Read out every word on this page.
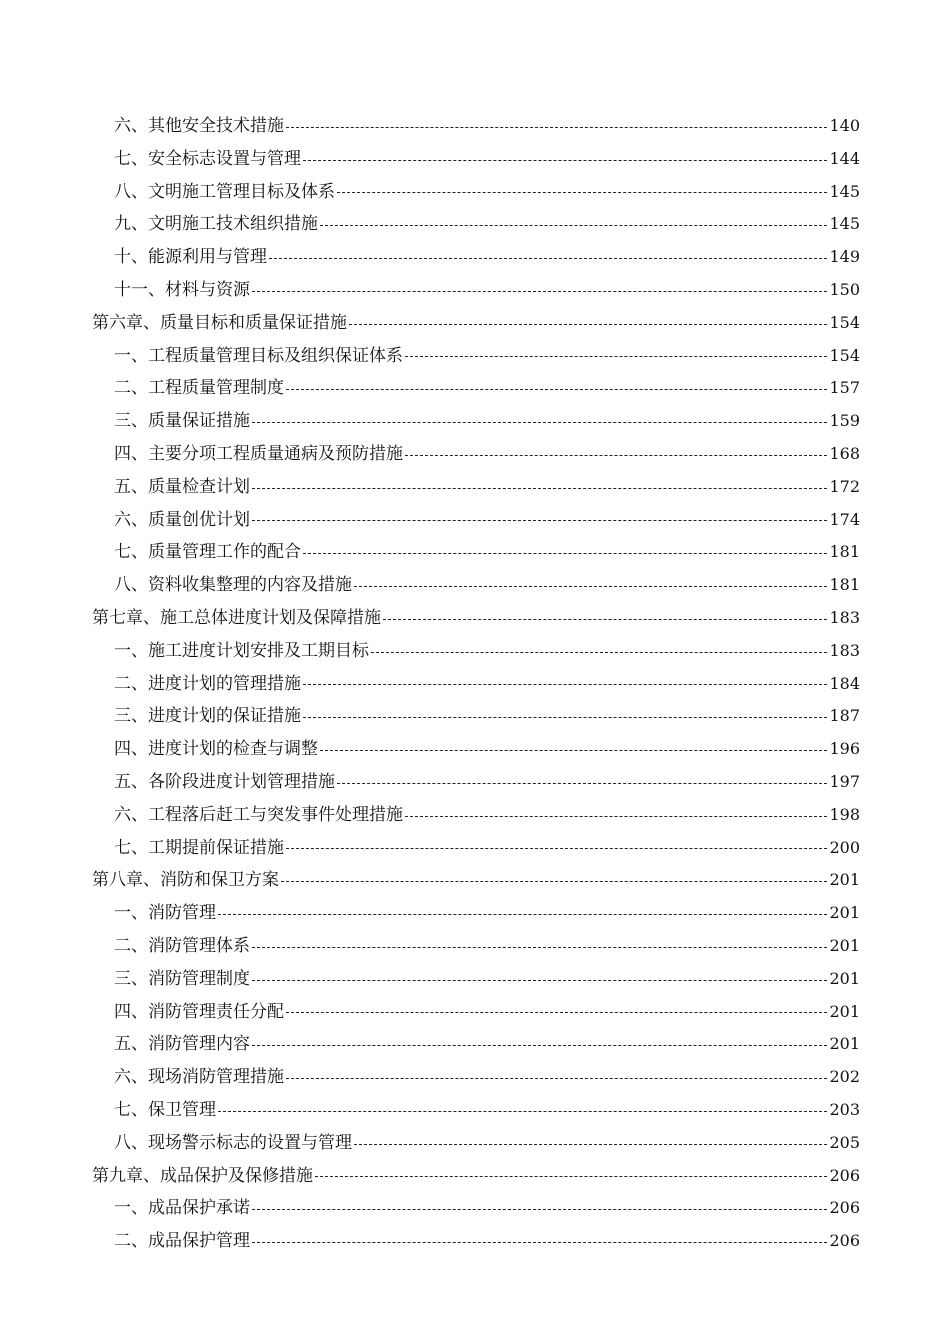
六、其他安全技术措施	140
七、安全标志设置与管理	144
八、文明施工管理目标及体系	145
九、文明施工技术组织措施	145
十、能源利用与管理	149
十一、材料与资源	150
第六章、质量目标和质量保证措施	154
一、工程质量管理目标及组织保证体系	154
二、工程质量管理制度	157
三、质量保证措施	159
四、主要分项工程质量通病及预防措施	168
五、质量检查计划	172
六、质量创优计划	174
七、质量管理工作的配合	181
八、资料收集整理的内容及措施	181
第七章、施工总体进度计划及保障措施	183
一、施工进度计划安排及工期目标	183
二、进度计划的管理措施	184
三、进度计划的保证措施	187
四、进度计划的检查与调整	196
五、各阶段进度计划管理措施	197
六、工程落后赶工与突发事件处理措施	198
七、工期提前保证措施	200
第八章、消防和保卫方案	201
一、消防管理	201
二、消防管理体系	201
三、消防管理制度	201
四、消防管理责任分配	201
五、消防管理内容	201
六、现场消防管理措施	202
七、保卫管理	203
八、现场警示标志的设置与管理	205
第九章、成品保护及保修措施	206
一、成品保护承诺	206
二、成品保护管理	206
